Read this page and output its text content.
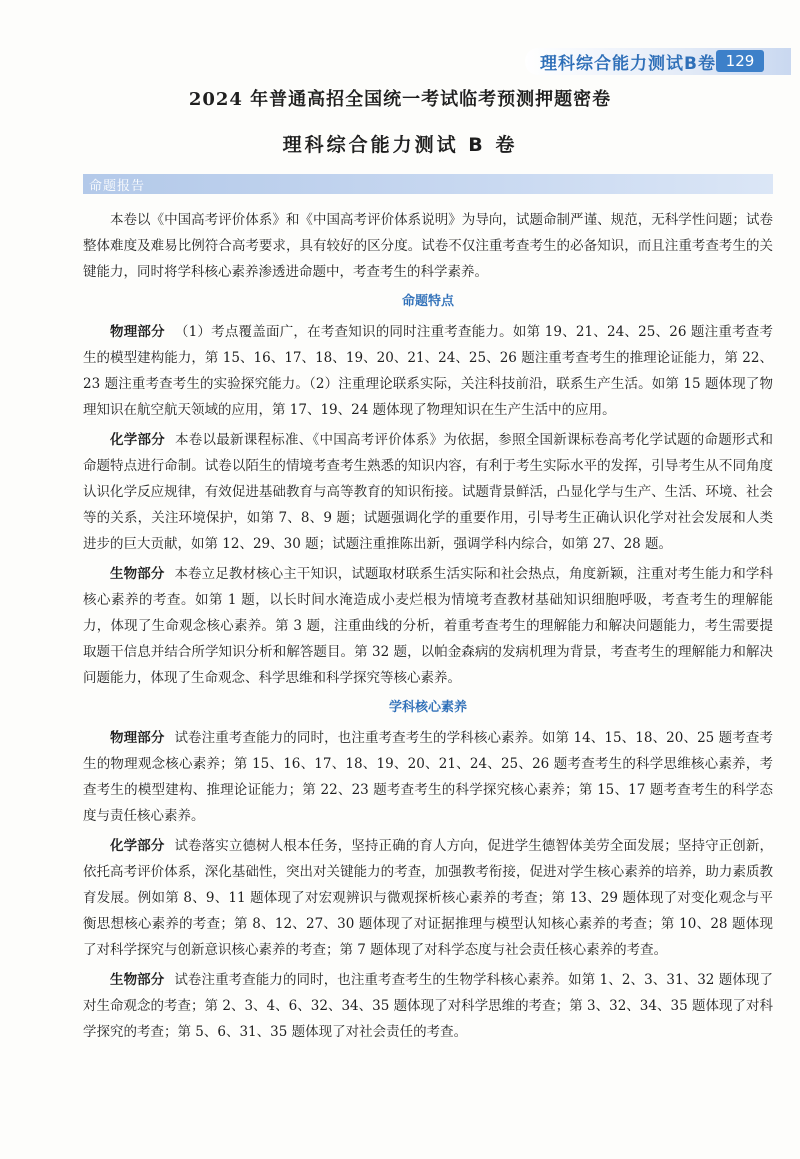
理科综合能力测试B卷 129
2024 年普通高招全国统一考试临考预测押题密卷
理科综合能力测试 B 卷
命题报告

本卷以《中国高考评价体系》和《中国高考评价体系说明》为导向，试题命制严谨、规范，无科学性问题；试卷整体难度及难易比例符合高考要求，具有较好的区分度。试卷不仅注重考查考生的必备知识，而且注重考查考生的关键能力，同时将学科核心素养渗透进命题中，考查考生的科学素养。

命题特点

物理部分 （1）考点覆盖面广，在考查知识的同时注重考查能力。如第 19、21、24、25、26 题注重考查考生的模型建构能力，第 15、16、17、18、19、20、21、24、25、26 题注重考查考生的推理论证能力，第 22、23 题注重考查考生的实验探究能力。（2）注重理论联系实际，关注科技前沿，联系生产生活。如第 15 题体现了物理知识在航空航天领域的应用，第 17、19、24 题体现了物理知识在生产生活中的应用。

化学部分 本卷以最新课程标准、《中国高考评价体系》为依据，参照全国新课标卷高考化学试题的命题形式和命题特点进行命制。试卷以陌生的情境考查考生熟悉的知识内容，有利于考生实际水平的发挥，引导考生从不同角度认识化学反应规律，有效促进基础教育与高等教育的知识衔接。试题背景鲜活，凸显化学与生产、生活、环境、社会等的关系，关注环境保护，如第 7、8、9 题；试题强调化学的重要作用，引导考生正确认识化学对社会发展和人类进步的巨大贡献，如第 12、29、30 题；试题注重推陈出新，强调学科内综合，如第 27、28 题。

生物部分 本卷立足教材核心主干知识，试题取材联系生活实际和社会热点，角度新颖，注重对考生能力和学科核心素养的考查。如第 1 题，以长时间水淹造成小麦烂根为情境考查教材基础知识细胞呼吸，考查考生的理解能力，体现了生命观念核心素养。第 3 题，注重曲线的分析，着重考查考生的理解能力和解决问题能力，考生需要提取题干信息并结合所学知识分析和解答题目。第 32 题，以帕金森病的发病机理为背景，考查考生的理解能力和解决问题能力，体现了生命观念、科学思维和科学探究等核心素养。

学科核心素养

物理部分 试卷注重考查能力的同时，也注重考查考生的学科核心素养。如第 14、15、18、20、25 题考查考生的物理观念核心素养；第 15、16、17、18、19、20、21、24、25、26 题考查考生的科学思维核心素养，考查考生的模型建构、推理论证能力；第 22、23 题考查考生的科学探究核心素养；第 15、17 题考查考生的科学态度与责任核心素养。

化学部分 试卷落实立德树人根本任务，坚持正确的育人方向，促进学生德智体美劳全面发展；坚持守正创新，依托高考评价体系，深化基础性，突出对关键能力的考查，加强教考衔接，促进对学生核心素养的培养，助力素质教育发展。例如第 8、9、11 题体现了对宏观辨识与微观探析核心素养的考查；第 13、29 题体现了对变化观念与平衡思想核心素养的考查；第 8、12、27、30 题体现了对证据推理与模型认知核心素养的考查；第 10、28 题体现了对科学探究与创新意识核心素养的考查；第 7 题体现了对科学态度与社会责任核心素养的考查。

生物部分 试卷注重考查能力的同时，也注重考查考生的生物学科核心素养。如第 1、2、3、31、32 题体现了对生命观念的考查；第 2、3、4、6、32、34、35 题体现了对科学思维的考查；第 3、32、34、35 题体现了对科学探究的考查；第 5、6、31、35 题体现了对社会责任的考查。
